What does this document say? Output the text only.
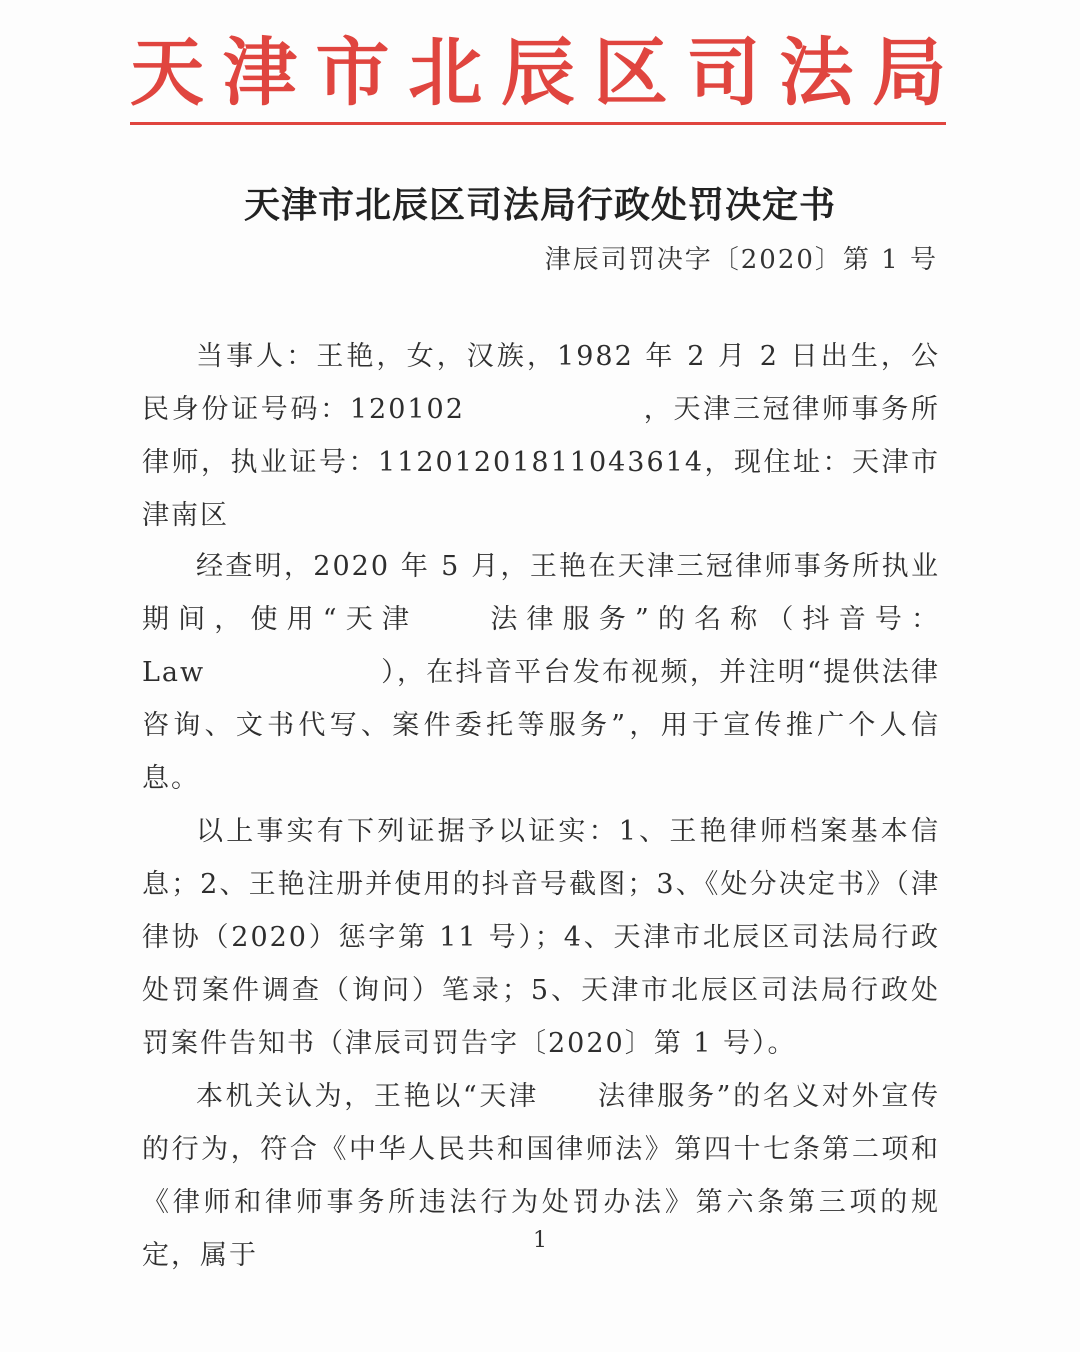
天津市北辰区司法局
天津市北辰区司法局行政处罚决定书
津辰司罚决字〔2020〕第 1 号

当事人：王艳，女，汉族，1982 年 2 月 2 日出生，公民身份证号码：120102　　　　　　，天津三冠律师事务所律师，执业证号：11201201811043614，现住址：天津市津南区

经查明，2020 年 5 月，王艳在天津三冠律师事务所执业期间，使用“天津　　法律服务”的名称（抖音号：Law　　　　　　），在抖音平台发布视频，并注明“提供法律咨询、文书代写、案件委托等服务”，用于宣传推广个人信息。

以上事实有下列证据予以证实：1、王艳律师档案基本信息；2、王艳注册并使用的抖音号截图；3、《处分决定书》（津律协（2020）惩字第 11 号）；4、天津市北辰区司法局行政处罚案件调查（询问）笔录；5、天津市北辰区司法局行政处罚案件告知书（津辰司罚告字〔2020〕第 1 号）。

本机关认为，王艳以“天津　　法律服务”的名义对外宣传的行为，符合《中华人民共和国律师法》第四十七条第二项和《律师和律师事务所违法行为处罚办法》第六条第三项的规定，属于	1
